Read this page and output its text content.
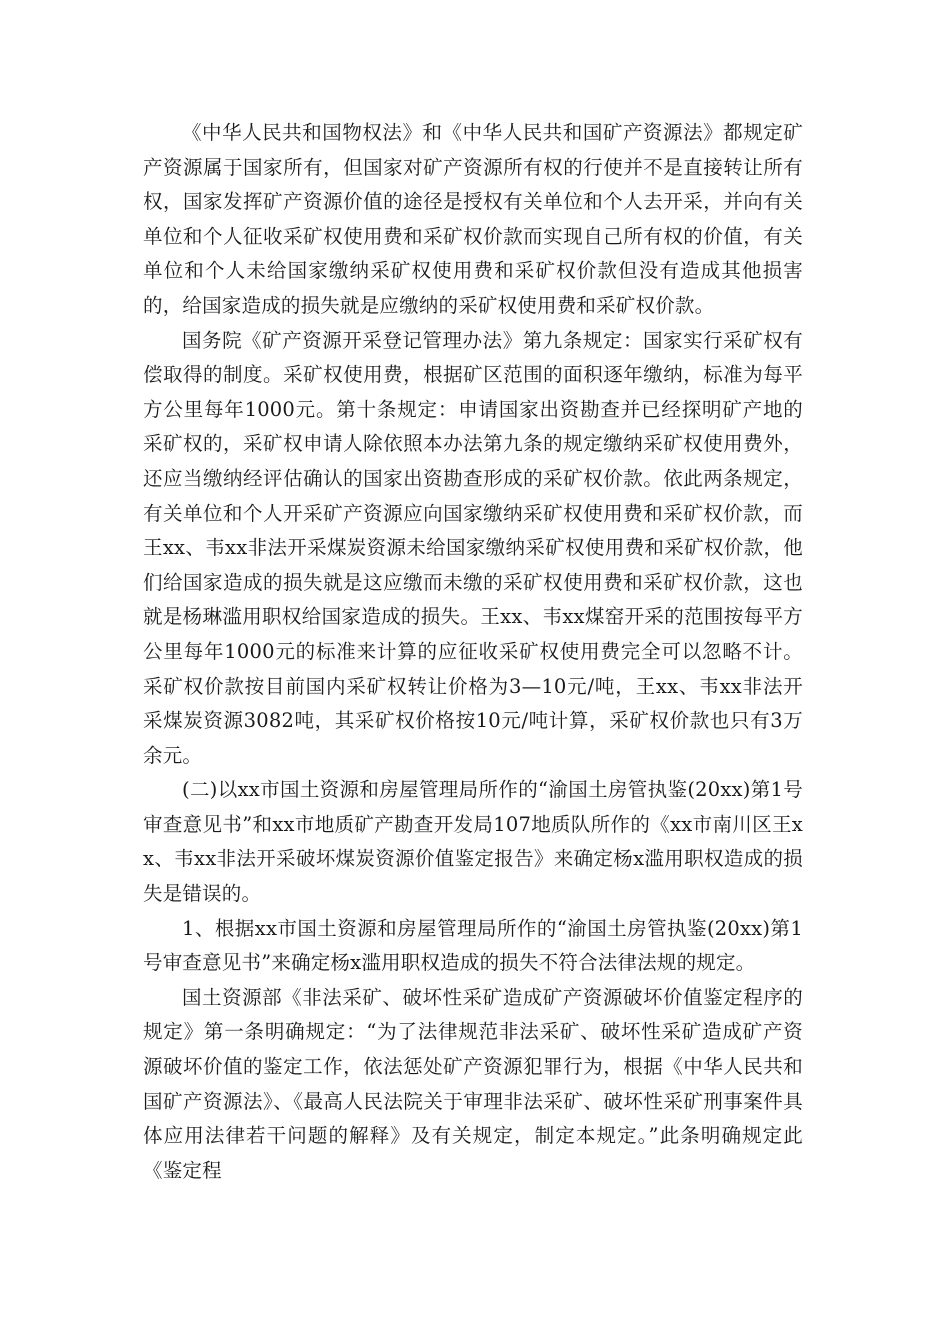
《中华人民共和国物权法》和《中华人民共和国矿产资源法》都规定矿产资源属于国家所有，但国家对矿产资源所有权的行使并不是直接转让所有权，国家发挥矿产资源价值的途径是授权有关单位和个人去开采，并向有关单位和个人征收采矿权使用费和采矿权价款而实现自己所有权的价值，有关单位和个人未给国家缴纳采矿权使用费和采矿权价款但没有造成其他损害的，给国家造成的损失就是应缴纳的采矿权使用费和采矿权价款。

国务院《矿产资源开采登记管理办法》第九条规定：国家实行采矿权有偿取得的制度。采矿权使用费，根据矿区范围的面积逐年缴纳，标准为每平方公里每年1000元。第十条规定：申请国家出资勘查并已经探明矿产地的采矿权的，采矿权申请人除依照本办法第九条的规定缴纳采矿权使用费外，还应当缴纳经评估确认的国家出资勘查形成的采矿权价款。依此两条规定，有关单位和个人开采矿产资源应向国家缴纳采矿权使用费和采矿权价款，而王xx、韦xx非法开采煤炭资源未给国家缴纳采矿权使用费和采矿权价款，他们给国家造成的损失就是这应缴而未缴的采矿权使用费和采矿权价款，这也就是杨琳滥用职权给国家造成的损失。王xx、韦xx煤窑开采的范围按每平方公里每年1000元的标准来计算的应征收采矿权使用费完全可以忽略不计。采矿权价款按目前国内采矿权转让价格为3—10元/吨，王xx、韦xx非法开采煤炭资源3082吨，其采矿权价格按10元/吨计算，采矿权价款也只有3万余元。

(二)以xx市国土资源和房屋管理局所作的“渝国土房管执鉴(20xx)第1号审查意见书”和xx市地质矿产勘查开发局107地质队所作的《xx市南川区王xx、韦xx非法开采破坏煤炭资源价值鉴定报告》来确定杨x滥用职权造成的损失是错误的。

1、根据xx市国土资源和房屋管理局所作的“渝国土房管执鉴(20xx)第1号审查意见书”来确定杨x滥用职权造成的损失不符合法律法规的规定。

国土资源部《非法采矿、破坏性采矿造成矿产资源破坏价值鉴定程序的规定》第一条明确规定：“为了法律规范非法采矿、破坏性采矿造成矿产资源破坏价值的鉴定工作，依法惩处矿产资源犯罪行为，根据《中华人民共和国矿产资源法》、《最高人民法院关于审理非法采矿、破坏性采矿刑事案件具体应用法律若干问题的解释》及有关规定，制定本规定。”此条明确规定此《鉴定程
